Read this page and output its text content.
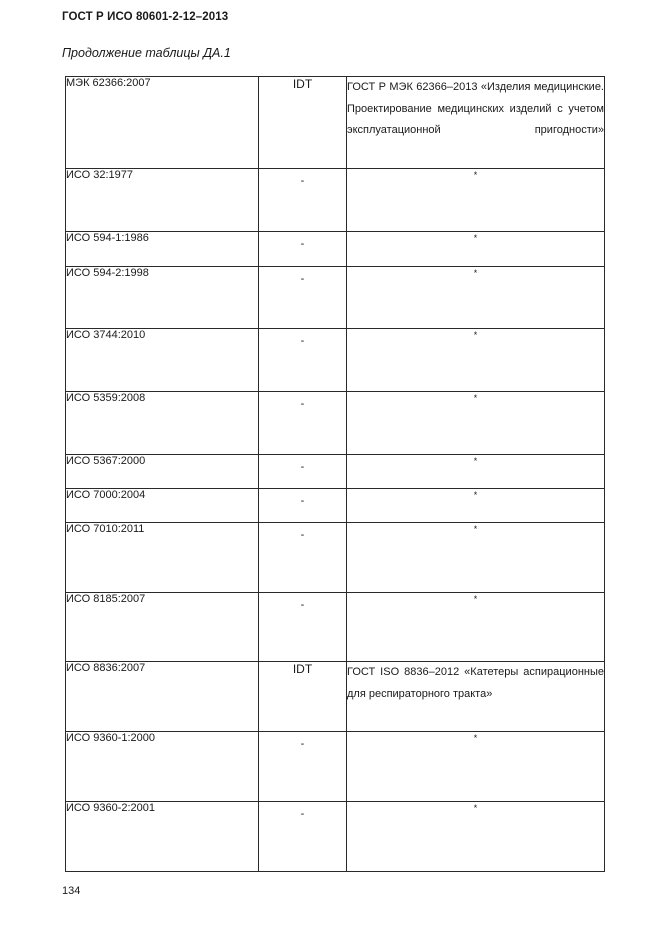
ГОСТ Р ИСО 80601-2-12–2013
Продолжение таблицы ДА.1
МЭК 62366:2007	IDT	ГОСТ Р МЭК 62366–2013 «Изделия медицинские. Проектирование медицинских изделий с учетом эксплуатационной пригодности»

ИСО 32:1977	-	*

ИСО 594-1:1986	-	*

ИСО 594-2:1998	-	*

ИСО 3744:2010	-	*

ИСО 5359:2008	-	*

ИСО 5367:2000	-	*

ИСО 7000:2004	-	*

ИСО 7010:2011	-	*

ИСО 8185:2007	-	*

ИСО 8836:2007	IDT	ГОСТ ISO 8836–2012 «Катетеры аспирационные для респираторного тракта»

ИСО 9360-1:2000	-	*

ИСО 9360-2:2001	-	*
134
